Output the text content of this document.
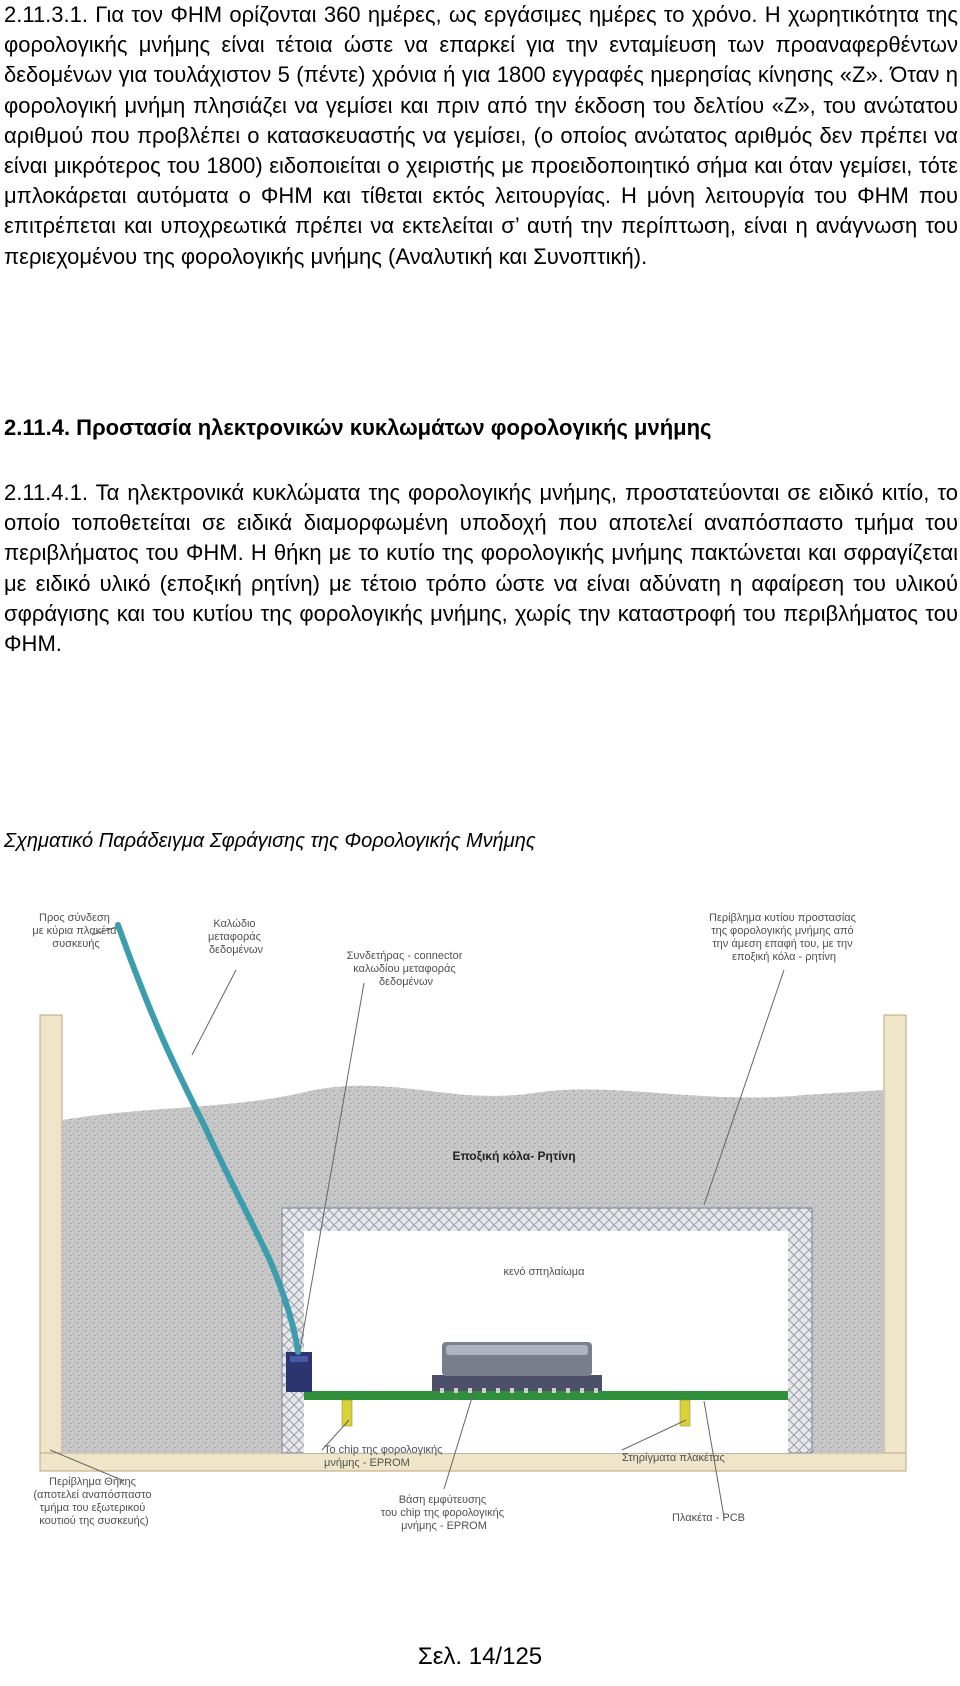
2.11.3.1. Για τον ΦΗΜ ορίζονται 360 ημέρες, ως εργάσιμες ημέρες το χρόνο. Η χωρητικότητα της φορολογικής μνήμης είναι τέτοια ώστε να επαρκεί για την ενταμίευση των προαναφερθέντων δεδομένων για τουλάχιστον 5 (πέντε) χρόνια ή για 1800 εγγραφές ημερησίας κίνησης «Ζ». Όταν η φορολογική μνήμη πλησιάζει να γεμίσει και πριν από την έκδοση του δελτίου «Ζ», του ανώτατου αριθμού που προβλέπει ο κατασκευαστής να γεμίσει, (ο οποίος ανώτατος αριθμός δεν πρέπει να είναι μικρότερος του 1800) ειδοποιείται ο χειριστής με προειδοποιητικό σήμα και όταν γεμίσει, τότε μπλοκάρεται αυτόματα ο ΦΗΜ και τίθεται εκτός λειτουργίας. Η μόνη λειτουργία του ΦΗΜ που επιτρέπεται και υποχρεωτικά πρέπει να εκτελείται σ’ αυτή την περίπτωση, είναι η ανάγνωση του περιεχομένου της φορολογικής μνήμης (Αναλυτική και Συνοπτική).

2.11.4. Προστασία ηλεκτρονικών κυκλωμάτων φορολογικής μνήμης

2.11.4.1. Τα ηλεκτρονικά κυκλώματα της φορολογικής μνήμης, προστατεύονται σε ειδικό κιτίο, το οποίο τοποθετείται σε ειδικά διαμορφωμένη υποδοχή που αποτελεί αναπόσπαστο τμήμα του περιβλήματος του ΦΗΜ. Η θήκη με το κυτίο της φορολογικής μνήμης πακτώνεται και σφραγίζεται με ειδικό υλικό (εποξική ρητίνη) με τέτοιο τρόπο ώστε να είναι αδύνατη η αφαίρεση του υλικού σφράγισης και του κυτίου της φορολογικής μνήμης, χωρίς την καταστροφή του περιβλήματος του ΦΗΜ.

Σχηματικό Παράδειγμα Σφράγισης της Φορολογικής Μνήμης

Προς σύνδεση με κύρια πλακέτα συσκευής
Καλώδιο μεταφοράς δεδομένων	Συνδετήρας - connector καλωδίου μεταφοράς δεδομένων
Περίβλημα κυτίου προστασίας της φορολογικής μνήμης από την άμεση επαφή του, με την εποξική κόλα - ρητίνη
Εποξική κόλα- Ρητίνη
κενό σπηλαίωμα
Το chip της φορολογικής μνήμης - EPROM	Στηρίγματα πλακέτας
Περίβλημα Θήκης (αποτελεί αναπόσπαστο τμήμα του εξωτερικού κουτιού της συσκευής)	Πλακέτα - PCB
Βάση εμφύτευσης του chip της φορολογικής μνήμης - EPROM

Σελ. 14/125
